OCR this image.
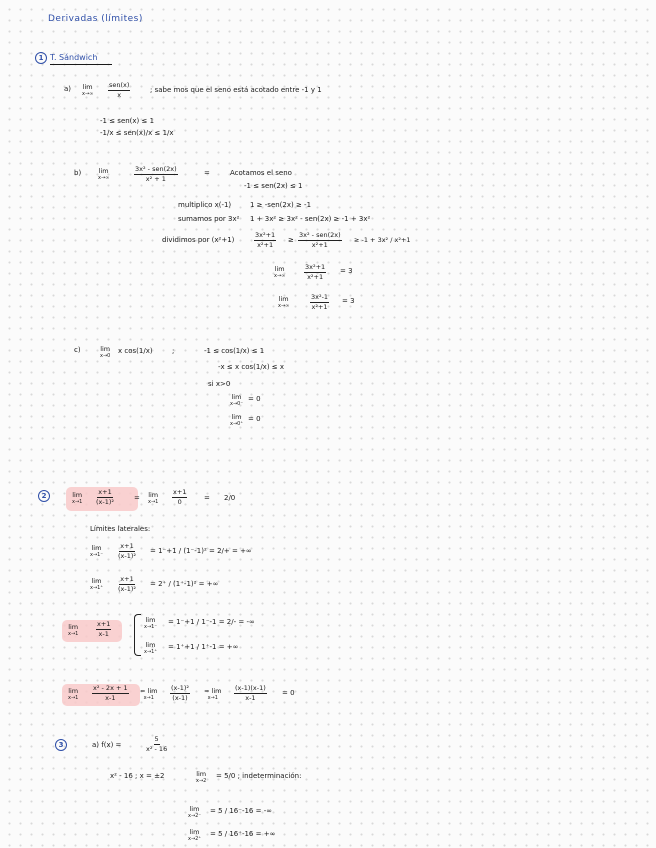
Derivadas (límites)
1 T. Sándwich
a) lim
x→∞
sen(x)
x
; sabe mos que el seno está acotado entre -1 y 1
-1 ≤ sen(x) ≤ 1
-1/x ≤ sen(x)/x ≤ 1/x
b)	lim
x→∞
3x² - sen(2x)
x² + 1
=	Acotamos el seno
-1 ≤ sen(2x) ≤ 1
multiplico x(-1)	1 ≥ -sen(2x) ≥ -1
sumamos por 3x² 1 + 3x² ≥ 3x² - sen(2x) ≥ -1 + 3x²
dividimos por (x²+1)	$\frac{\text{3x²+1}}{\text{x²+1}}$ ≥
3x² - sen(2x)
x²+1
≥ -1 + 3x² / x²+1
lim
x→∞	$\frac{\text{3x²+1}}{\text{x²+1}} = 3$
lim
x→∞	$\frac{\text{3x²-1}}{\text{x²+1}} = 3$
c)	lim
x→0
x cos(1/x)	;	-1 ≤ cos(1/x) ≤ 1
-x ≤ x cos(1/x) ≤ x
si x>0
lim
x→0⁻
= 0
lim
x→0⁺
= 0
2	lim
$x\to 1 \frac{x+1}{\text{(x-1)²}}$	= lim
$x\to 1 \frac{x+1}{0} = 2/0$
Límites laterales:
lim
$x\to 1^- \frac{x+1}{\text{(x-1)²}} = 1^-+1 / (1^--1)^2 = 2/+$ = +∞
lim
$x\to 1^+ \frac{x+1}{\text{(x-1)²}} = 2^+ / (1^+-1)^2$ = +∞
lim
x→1	$\frac{x+1}{x-1}$
lim
x→1⁻
= 1⁻+1 / 1⁻-1 = 2/- = -∞
lim
x→1⁺
= 1⁺+1 / 1⁺-1 = +∞
lim
$x\to 1 \frac{\text{x² - 2x + 1}}{x-1} = \lim$
$x\to 1 \frac{\text{(x-1)²}}{(x-1)} = \lim$
$x\to 1 \frac{(x-1)(x-1)}{x-1} = 0$
3	a) f(x) =	$\frac{5}{\text{x² - 16}}$
x² - 16 ; x = ±2	lim
x→2
= 5/0 ; indeterminación:
lim
x→2⁻
= 5 / 16⁻-16 = -∞
lim
x→2⁺
= 5 / 16⁺-16 = +∞
